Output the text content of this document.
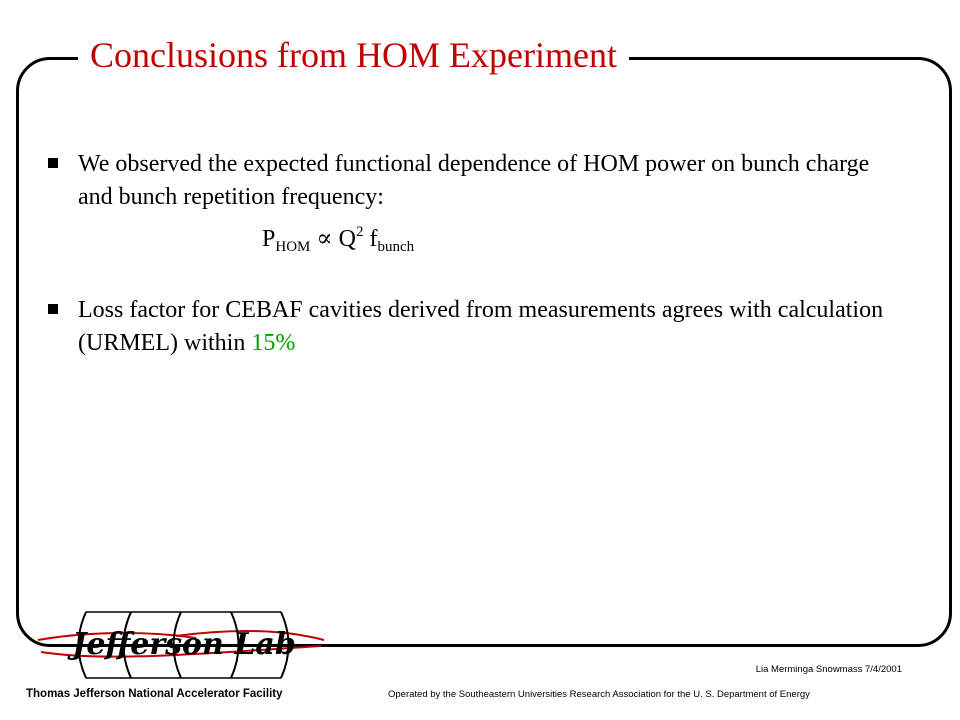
Conclusions from HOM Experiment
We observed the expected functional dependence of HOM power on bunch charge and bunch repetition frequency:
$P_{HOM} \propto Q^2$ $f_{bunch}$
Loss factor for CEBAF cavities derived from measurements agrees with calculation (URMEL) within 15%
Jefferson Lab
Thomas Jefferson National Accelerator Facility
Lia Merminga Snowmass 7/4/2001
Operated by the Southeastern Universities Research Association for the U. S. Department of Energy
